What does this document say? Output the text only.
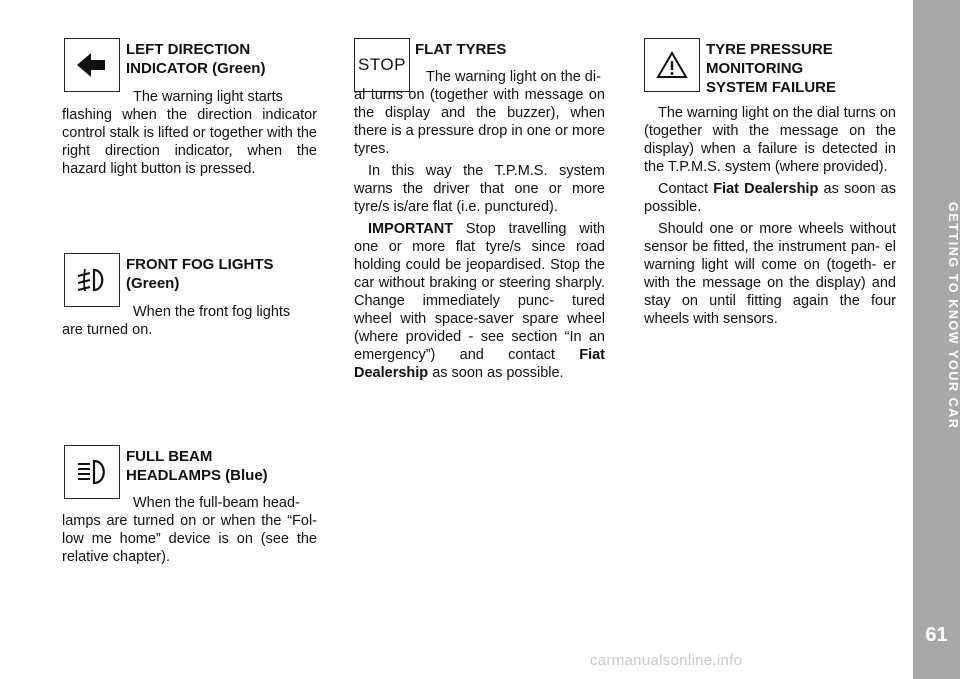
GETTING TO KNOW YOUR CAR
61
LEFT DIRECTION
INDICATOR (Green)
The warning light starts
flashing when the direction indicator control stalk is lifted or together with the right direction indicator, when the hazard light button is pressed.
FRONT FOG LIGHTS
(Green)
When the front fog lights
are turned on.
FULL BEAM
HEADLAMPS (Blue)
When the full-beam head-
lamps are turned on or when the “Fol- low me home” device is on (see the relative chapter).
STOP
FLAT TYRES
The warning light on the di-

al turns on (together with message on the display and the buzzer), when there is a pressure drop in one or more tyres.

In this way the T.P.M.S. system warns the driver that one or more tyre/s is/are flat (i.e. punctured).

IMPORTANT Stop travelling with one or more flat tyre/s since road holding could be jeopardised. Stop the car without braking or steering sharply. Change immediately punc- tured wheel with space-saver spare wheel (where provided - see section “In an emergency”) and contact Fiat Dealership as soon as possible.

TYRE PRESSURE
MONITORING
SYSTEM FAILURE

The warning light on the dial turns on (together with the message on the display) when a failure is detected in the T.P.M.S. system (where provided).

Contact Fiat Dealership as soon as possible.

Should one or more wheels without sensor be fitted, the instrument pan- el warning light will come on (togeth- er with the message on the display) and stay on until fitting again the four wheels with sensors.

carmanualsonline.info
